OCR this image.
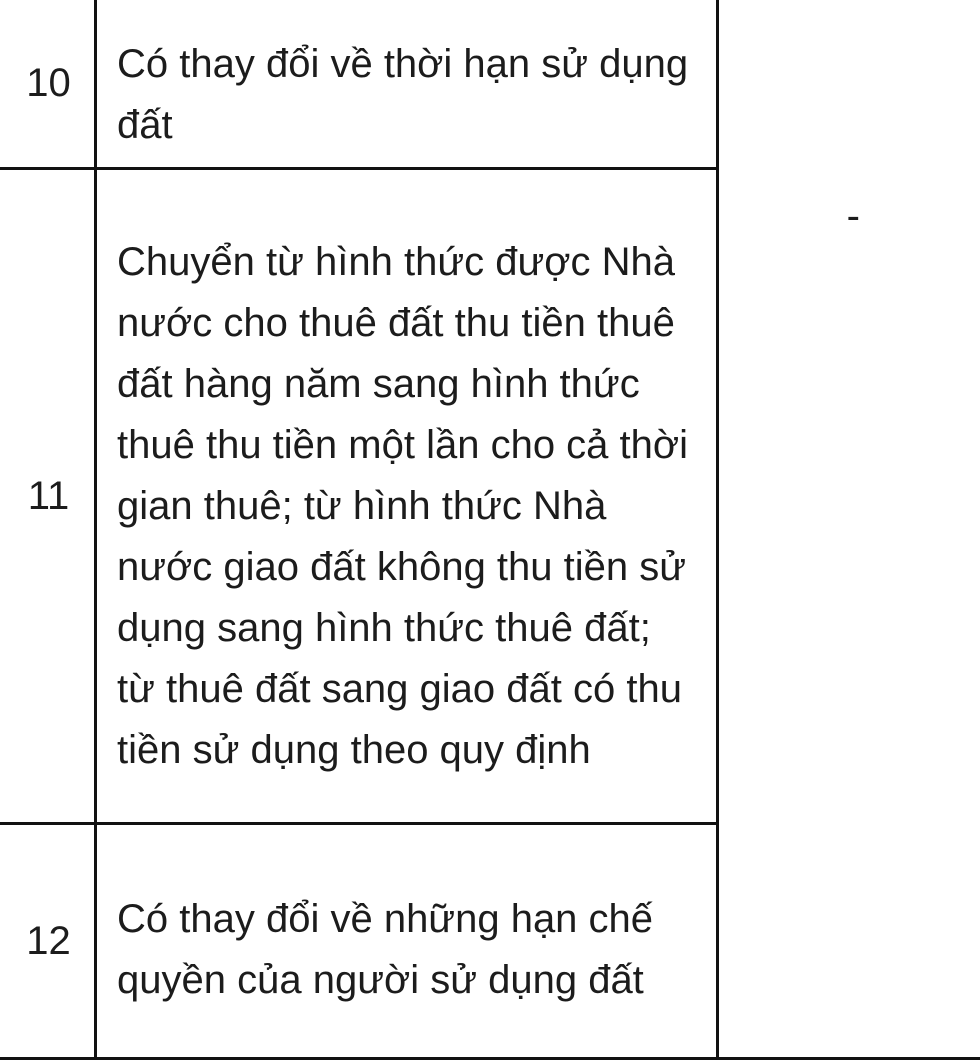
10	Có thay đổi về thời hạn sử dụng đất	-

11	Chuyển từ hình thức được Nhà nước cho thuê đất thu tiền thuê đất hàng năm sang hình thức thuê thu tiền một lần cho cả thời gian thuê; từ hình thức Nhà nước giao đất không thu tiền sử dụng sang hình thức thuê đất; từ thuê đất sang giao đất có thu tiền sử dụng theo quy định	

12	Có thay đổi về những hạn chế quyền của người sử dụng đất	
